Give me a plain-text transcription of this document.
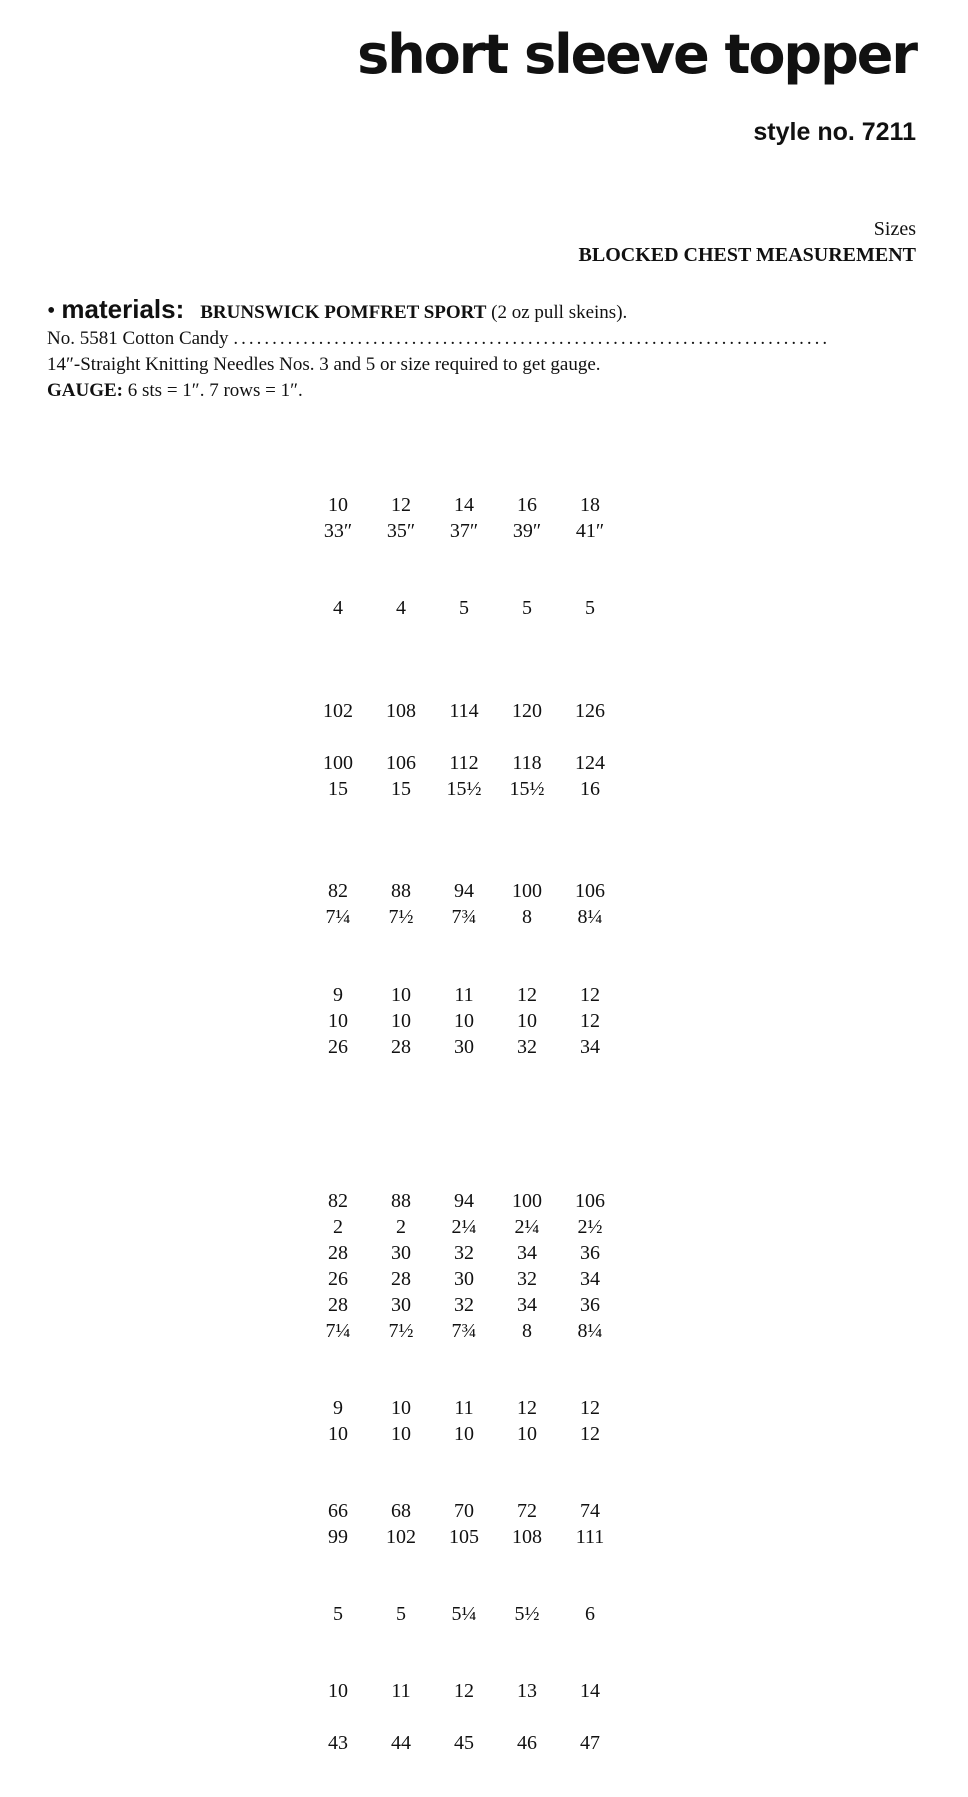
short sleeve topper
style no. 7211
Sizes
BLOCKED CHEST MEASUREMENT
• materials: BRUNSWICK POMFRET SPORT (2 oz pull skeins).
No. 5581 Cotton Candy .............................................................................
14″-Straight Knitting Needles Nos. 3 and 5 or size required to get gauge.
GAUGE: 6 sts = 1″. 7 rows = 1″.
10	12	14	16	18
33″	35″	37″	39″	41″
4	4	5	5	5
102	108	114	120	126
100	106	112	118	124
15	15	15½	15½	16
82	88	94	100	106
7¼	7½	7¾	8	8¼
9	10	11	12	12
10	10	10	10	12
26	28	30	32	34
82	88	94	100	106
2	2	2¼	2¼	2½
28	30	32	34	36
26	28	30	32	34
28	30	32	34	36
7¼	7½	7¾	8	8¼
9	10	11	12	12
10	10	10	10	12
66	68	70	72	74
99	102	105	108	111
5	5	5¼	5½	6
10	11	12	13	14
43	44	45	46	47
